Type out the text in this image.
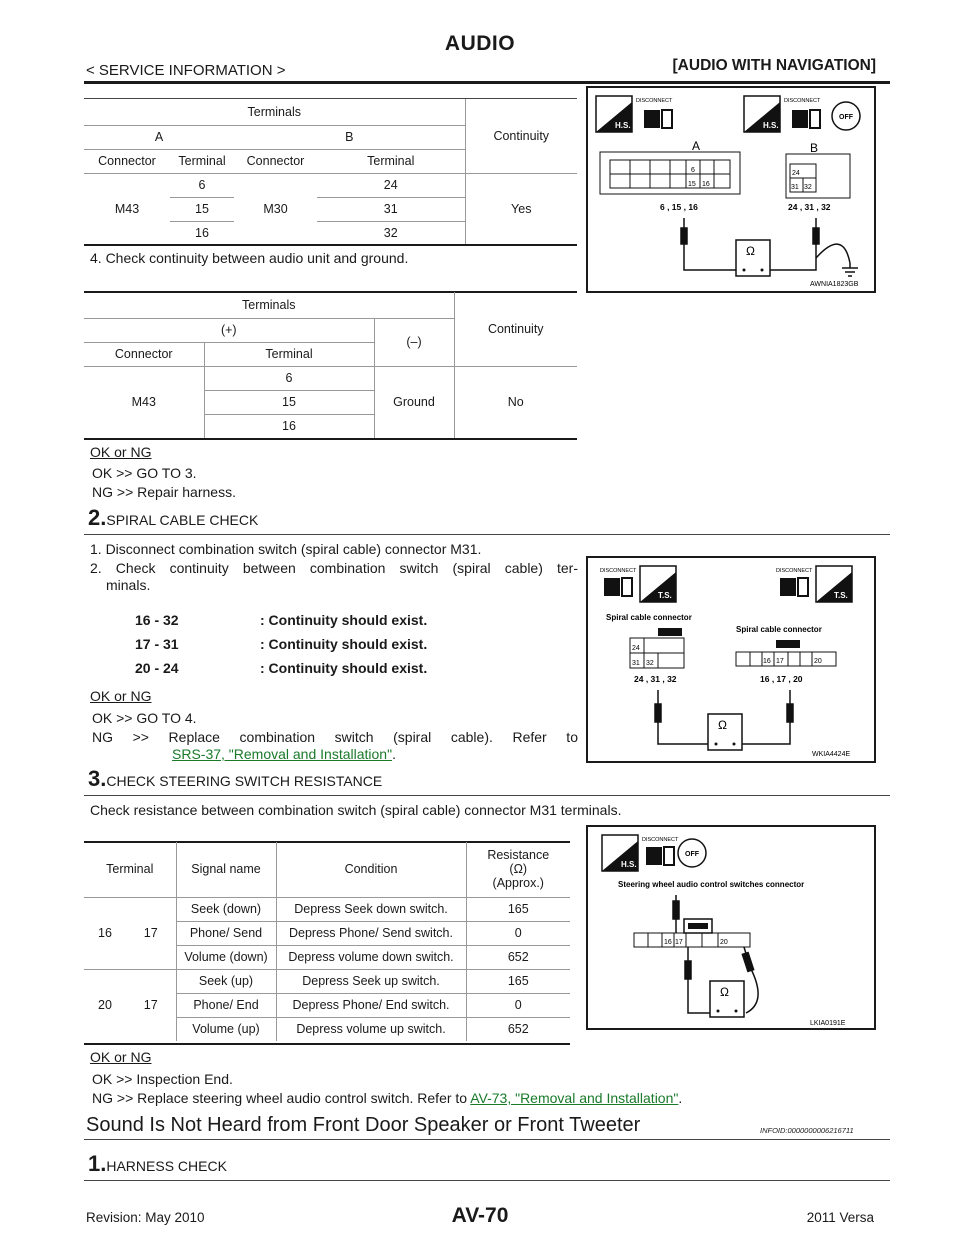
AUDIO
< SERVICE INFORMATION >	[AUDIO WITH NAVIGATION]
Terminals				Continuity
A		B		
Connector	Terminal	Connector	Terminal	
M43	6	M30	24	Yes
	15		31	
	16		32	
4. Check continuity between audio unit and ground.
Terminals			Continuity
(+)		(–)	
Connector	Terminal		
M43	6	Ground	No
	15		
	16		
OK or NG
OK >> GO TO 3.
NG >> Repair harness.
2.SPIRAL CABLE CHECK
1. Disconnect combination switch (spiral cable) connector M31.
2. Check continuity between combination switch (spiral cable) ter-
minals.
16 - 32	: Continuity should exist.
17 - 31	: Continuity should exist.
20 - 24	: Continuity should exist.
OK or NG
OK >> GO TO 4.
NG >> Replace combination switch (spiral cable). Refer to
SRS-37, "Removal and Installation".
3.CHECK STEERING SWITCH RESISTANCE
Check resistance between combination switch (spiral cable) connector M31 terminals.
Terminal		Signal name	Condition	Resistance
(Ω)
(Approx.)

16	17	Seek (down)	Depress Seek down switch.	165
		Phone/ Send	Depress Phone/ Send switch.	0
		Volume (down)	Depress volume down switch.	652
20	17	Seek (up)	Depress Seek up switch.	165
		Phone/ End	Depress Phone/ End switch.	0
		Volume (up)	Depress volume up switch.	652
OK or NG
OK >> Inspection End.
NG >> Replace steering wheel audio control switch. Refer to AV-73, "Removal and Installation".
Sound Is Not Heard from Front Door Speaker or Front Tweeter	INFOID:0000000006216711
1.HARNESS CHECK
Revision: May 2010	AV-70	2011 Versa
H.S.
DISCONNECT
H.S.
DISCONNECT
OFF
A	B
6
15 16
24
31 32
6 , 15 , 16	24 , 31 , 32
Ω
AWNIA1823GB
DISCONNECT
T.S.
DISCONNECT
T.S.
Spiral cable connector
Spiral cable connector
24
31 32	16 17	20
24 , 31 , 32	16 , 17 , 20
Ω
WKIA4424E
H.S.
DISCONNECT
OFF
Steering wheel audio control switches connector
16 17	20
Ω
LKIA0191E
